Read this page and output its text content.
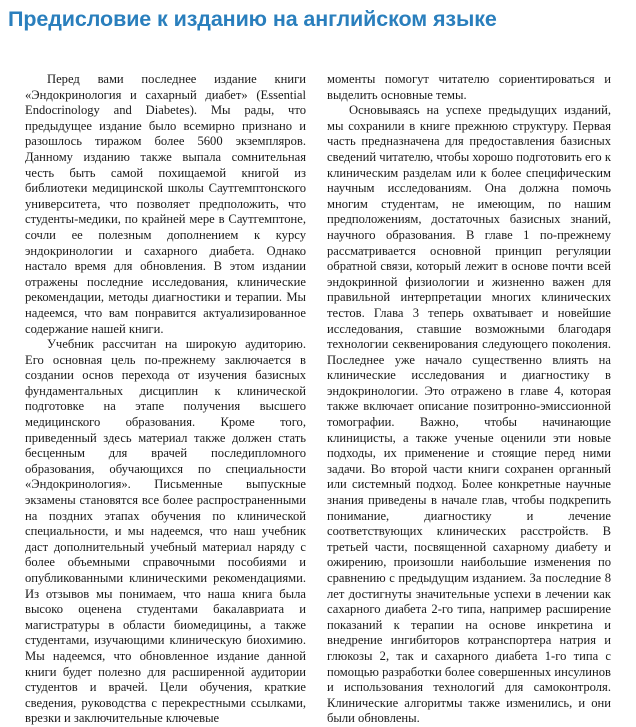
Предисловие к изданию на английском языке

Перед вами последнее издание книги «Эндокринология и сахарный диабет» (Essential Endocrinology and Diabetes). Мы рады, что предыдущее издание было всемирно признано и разошлось тиражом более 5600 экземпляров. Данному изданию также выпала сомнительная честь быть самой похищаемой книгой из библиотеки медицинской школы Саутгемптонского университета, что позволяет предположить, что студенты-медики, по крайней мере в Саутгемптоне, сочли ее полезным дополнением к курсу эндокринологии и сахарного диабета. Однако настало время для обновления. В этом издании отражены последние исследования, клинические рекомендации, методы диагностики и терапии. Мы надеемся, что вам понравится актуализированное содержание нашей книги.

Учебник рассчитан на широкую аудиторию. Его основная цель по-прежнему заключается в создании основ перехода от изучения базисных фундаментальных дисциплин к клинической подготовке на этапе получения высшего медицинского образования. Кроме того, приведенный здесь материал также должен стать бесценным для врачей последипломного образования, обучающихся по специальности «Эндокринология». Письменные выпускные экзамены становятся все более распространенными на поздних этапах обучения по клинической специальности, и мы надеемся, что наш учебник даст дополнительный учебный материал наряду с более объемными справочными пособиями и опубликованными клиническими рекомендациями. Из отзывов мы понимаем, что наша книга была высоко оценена студентами бакалавриата и магистратуры в области биомедицины, а также студентами, изучающими клиническую биохимию. Мы надеемся, что обновленное издание данной книги будет полезно для расширенной аудитории студентов и врачей. Цели обучения, краткие сведения, руководства с перекрестными ссылками, врезки и заключительные ключевые

моменты помогут читателю сориентироваться и выделить основные темы.

Основываясь на успехе предыдущих изданий, мы сохранили в книге прежнюю структуру. Первая часть предназначена для предоставления базисных сведений читателю, чтобы хорошо подготовить его к клиническим разделам или к более специфическим научным исследованиям. Она должна помочь многим студентам, не имеющим, по нашим предположениям, достаточных базисных знаний, научного образования. В главе 1 по-прежнему рассматривается основной принцип регуляции обратной связи, который лежит в основе почти всей эндокринной физиологии и жизненно важен для правильной интерпретации многих клинических тестов. Глава 3 теперь охватывает и новейшие исследования, ставшие возможными благодаря технологии секвенирования следующего поколения. Последнее уже начало существенно влиять на клинические исследования и диагностику в эндокринологии. Это отражено в главе 4, которая также включает описание позитронно-эмиссионной томографии. Важно, чтобы начинающие клиницисты, а также ученые оценили эти новые подходы, их применение и стоящие перед ними задачи. Во второй части книги сохранен органный или системный подход. Более конкретные научные знания приведены в начале глав, чтобы подкрепить понимание, диагностику и лечение соответствующих клинических расстройств. В третьей части, посвященной сахарному диабету и ожирению, произошли наибольшие изменения по сравнению с предыдущим изданием. За последние 8 лет достигнуты значительные успехи в лечении как сахарного диабета 2-го типа, например расширение показаний к терапии на основе инкретина и внедрение ингибиторов котранспортера натрия и глюкозы 2, так и сахарного диабета 1-го типа с помощью разработки более совершенных инсулинов и использования технологий для самоконтроля. Клинические алгоритмы также изменились, и они были обновлены.
